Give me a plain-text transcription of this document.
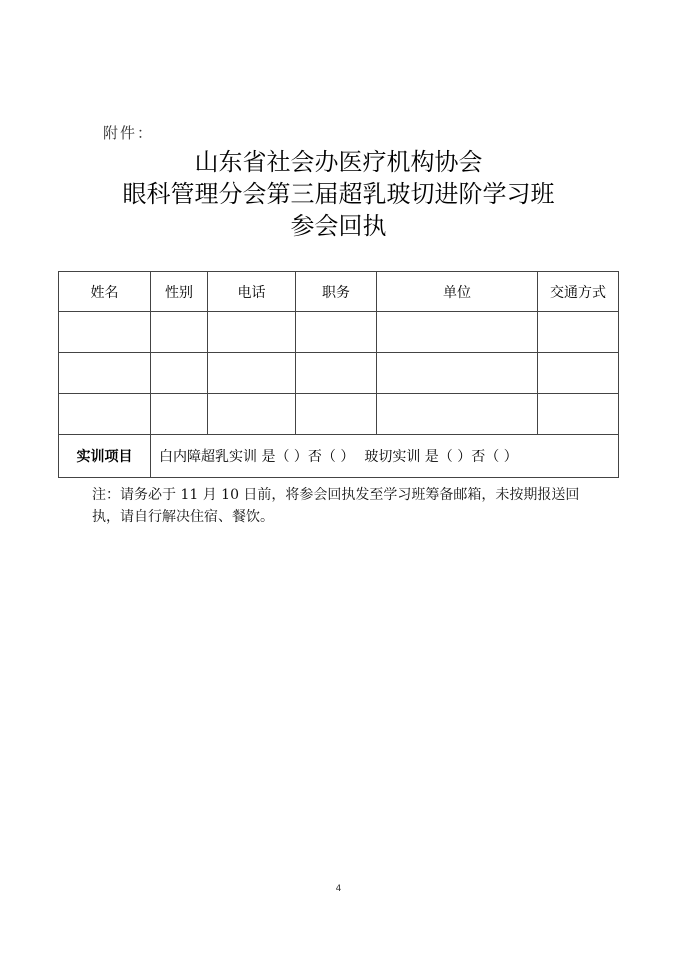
附件：
山东省社会办医疗机构协会
眼科管理分会第三届超乳玻切进阶学习班
参会回执
姓名	性别	电话	职务	单位	交通方式

实训项目	白内障超乳实训 是（ ）否（ ） 玻切实训 是（ ）否（ ）				
注：请务必于 11 月 10 日前，将参会回执发至学习班筹备邮箱，未按期报送回执，请自行解决住宿、餐饮。
4
